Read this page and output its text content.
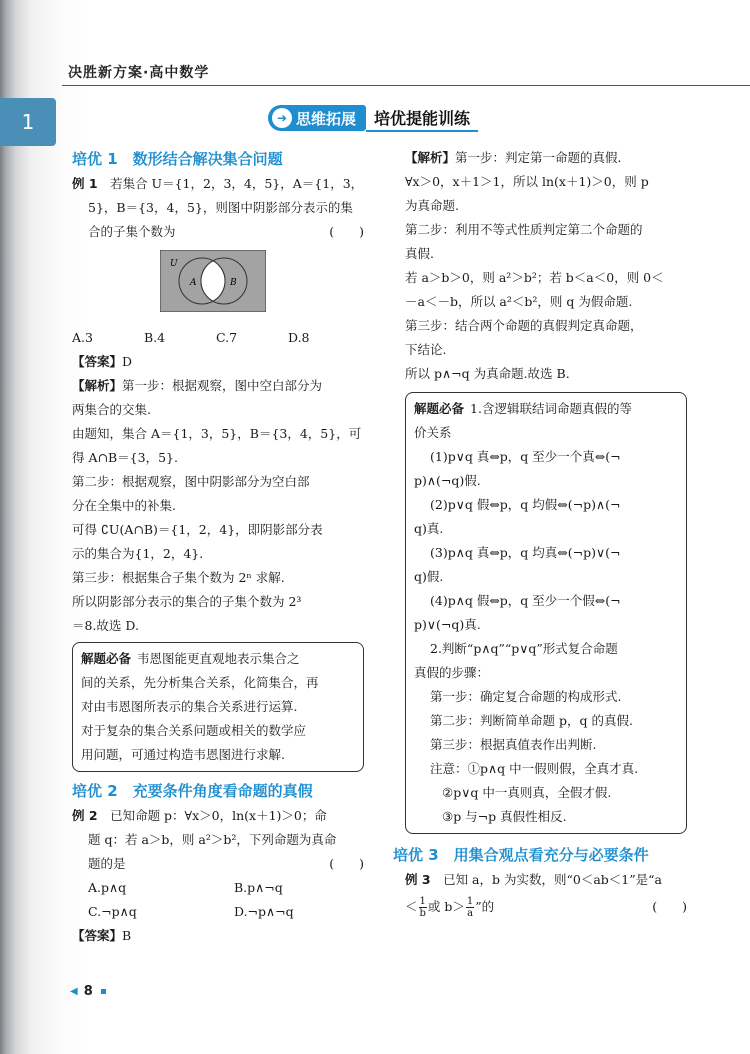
决胜新方案·高中数学
1	➜ 思维拓展	培优提能训练

培优 1　数形结合解决集合问题

例 1　 若集合 U＝{1，2，3，4，5}，A＝{1，3，

5}，B＝{3，4，5}，则图中阴影部分表示的集

合的子集个数为	(　　)

U
A	B

A.3	B.4	C.7	D.8

【答案】D

【解析】第一步：根据观察，图中空白部分为

两集合的交集.

由题知，集合 A＝{1，3，5}，B＝{3，4，5}，可

得 A∩B＝{3，5}.

第二步：根据观察，图中阴影部分为空白部

分在全集中的补集.

可得 ∁U(A∩B)＝{1，2，4}，即阴影部分表

示的集合为{1，2，4}.

第三步：根据集合子集个数为 2ⁿ 求解.

所以阴影部分表示的集合的子集个数为 2³

＝8.故选 D.

解题必备 韦恩图能更直观地表示集合之

间的关系，先分析集合关系，化简集合，再

对由韦恩图所表示的集合关系进行运算.

对于复杂的集合关系问题或相关的数学应

用问题，可通过构造韦恩图进行求解.

培优 2　充要条件角度看命题的真假

例 2　 已知命题 p：∀x＞0，ln(x＋1)＞0；命

题 q：若 a＞b，则 a²＞b²，下列命题为真命

题的是	(　　)

A.p∧q	B.p∧¬q

C.¬p∧q	D.¬p∧¬q

【答案】B

【解析】第一步：判定第一命题的真假.

∀x＞0，x＋1＞1，所以 ln(x＋1)＞0，则 p

为真命题.

第二步：利用不等式性质判定第二个命题的

真假.

若 a＞b＞0，则 a²＞b²；若 b＜a＜0，则 0＜

－a＜－b，所以 a²＜b²，则 q 为假命题.

第三步：结合两个命题的真假判定真命题，

下结论.

所以 p∧¬q 为真命题.故选 B.

解题必备 1.含逻辑联结词命题真假的等

价关系

(1)p∨q 真⇔p，q 至少一个真⇔(¬

p)∧(¬q)假.

(2)p∨q 假⇔p，q 均假⇔(¬p)∧(¬

q)真.

(3)p∧q 真⇔p，q 均真⇔(¬p)∨(¬

q)假.

(4)p∧q 假⇔p，q 至少一个假⇔(¬

p)∨(¬q)真.

2.判断“p∧q”“p∨q”形式复合命题

真假的步骤：

第一步：确定复合命题的构成形式.

第二步：判断简单命题 p，q 的真假.

第三步：根据真值表作出判断.

注意：①p∧q 中一假则假，全真才真.

②p∨q 中一真则真，全假才假.

③p 与¬p 真假性相反.

培优 3　用集合观点看充分与必要条件

例 3　 已知 a，b 为实数，则“0＜ab＜1”是“a

＜ $\frac{1}{b}$ 或 $b> \frac{1}{a}$ ”的	(　　)

◀ 8
